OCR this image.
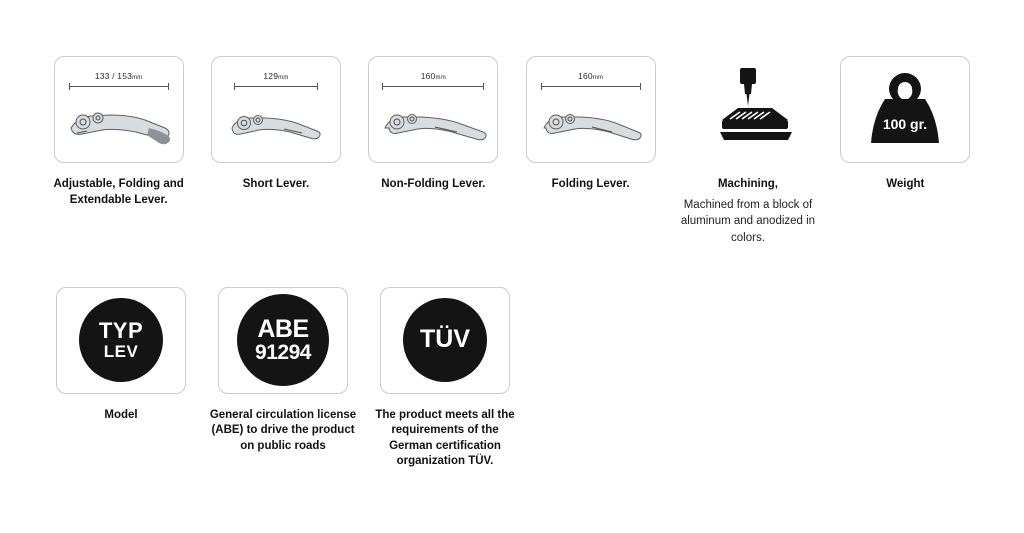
133 / 153mm
Adjustable, Folding and Extendable Lever.
129mm
Short Lever.
160mm
Non-Folding Lever.
160mm
Folding Lever.	Machining,
Machined from a block of aluminum and anodized in colors.
100 gr.
Weight
TYP
LEV
Model
ABE
91294
General circulation license (ABE) to drive the product on public roads
TÜV
The product meets all the requirements of the German certification organization TÜV.
